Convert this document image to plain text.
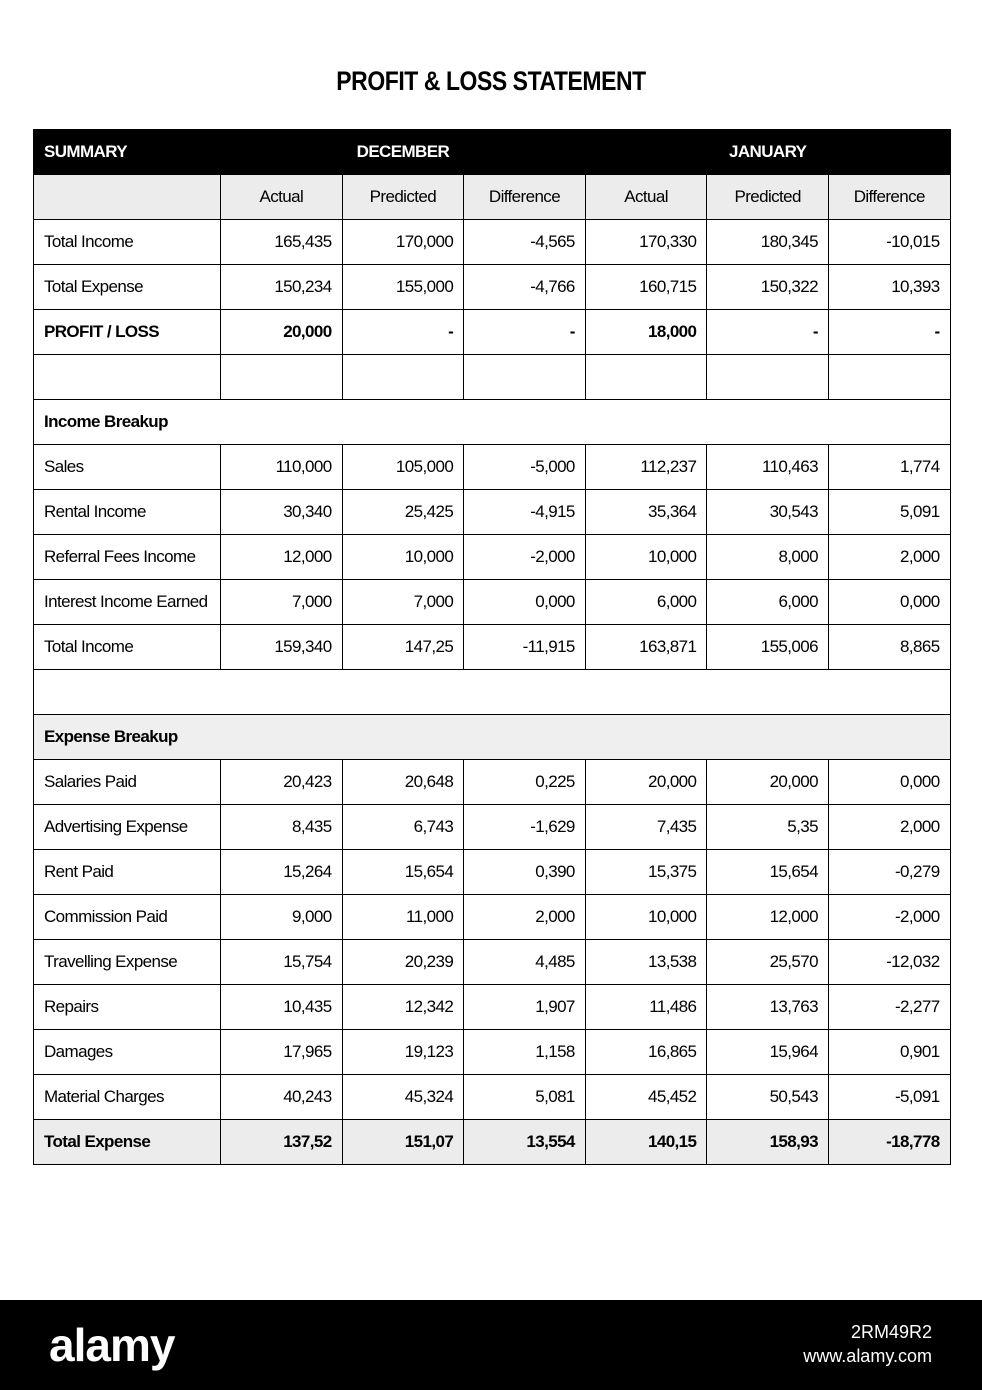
PROFIT & LOSS STATEMENT
SUMMARY	DECEMBER			JANUARY		
	Actual	Predicted	Difference	Actual	Predicted	Difference
Total Income	165,435	170,000	-4,565	170,330	180,345	-10,015
Total Expense	150,234	155,000	-4,766	160,715	150,322	10,393
PROFIT / LOSS	20,000	-	-	18,000	-	-

Income Breakup						
Sales	110,000	105,000	-5,000	112,237	110,463	1,774
Rental Income	30,340	25,425	-4,915	35,364	30,543	5,091
Referral Fees Income	12,000	10,000	-2,000	10,000	8,000	2,000
Interest Income Earned	7,000	7,000	0,000	6,000	6,000	0,000
Total Income	159,340	147,25	-11,915	163,871	155,006	8,865

Expense Breakup						
Salaries Paid	20,423	20,648	0,225	20,000	20,000	0,000
Advertising Expense	8,435	6,743	-1,629	7,435	5,35	2,000
Rent Paid	15,264	15,654	0,390	15,375	15,654	-0,279
Commission Paid	9,000	11,000	2,000	10,000	12,000	-2,000
Travelling Expense	15,754	20,239	4,485	13,538	25,570	-12,032
Repairs	10,435	12,342	1,907	11,486	13,763	-2,277
Damages	17,965	19,123	1,158	16,865	15,964	0,901
Material Charges	40,243	45,324	5,081	45,452	50,543	-5,091
Total Expense	137,52	151,07	13,554	140,15	158,93	-18,778
alamy	2RM49R2
www.alamy.com
